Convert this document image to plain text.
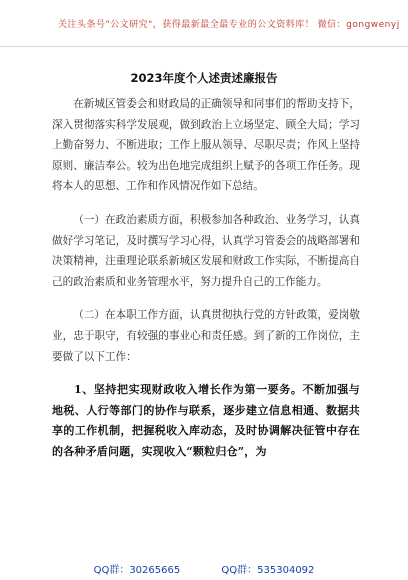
关注头条号"公文研究"，获得最新最全最专业的公文资料库！ 微信：gongwenyj
2023年度个人述责述廉报告

在新城区管委会和财政局的正确领导和同事们的帮助支持下，深入贯彻落实科学发展观，做到政治上立场坚定、顾全大局；学习上勤奋努力、不断进取；工作上服从领导、尽职尽责；作风上坚持原则、廉洁奉公。较为出色地完成组织上赋予的各项工作任务。现将本人的思想、工作和作风情况作如下总结。

（一）在政治素质方面，积极参加各种政治、业务学习，认真做好学习笔记，及时撰写学习心得，认真学习管委会的战略部署和决策精神，注重理论联系新城区发展和财政工作实际，不断提高自己的政治素质和业务管理水平，努力提升自己的工作能力。

（二）在本职工作方面，认真贯彻执行党的方针政策，爱岗敬业，忠于职守，有较强的事业心和责任感。到了新的工作岗位，主要做了以下工作：

1、坚持把实现财政收入增长作为第一要务。不断加强与地税、人行等部门的协作与联系，逐步建立信息相通、数据共享的工作机制，把握税收入库动态，及时协调解决征管中存在的各种矛盾问题，实现收入“颗粒归仓”，为

QQ群：30265665	QQ群：535304092
